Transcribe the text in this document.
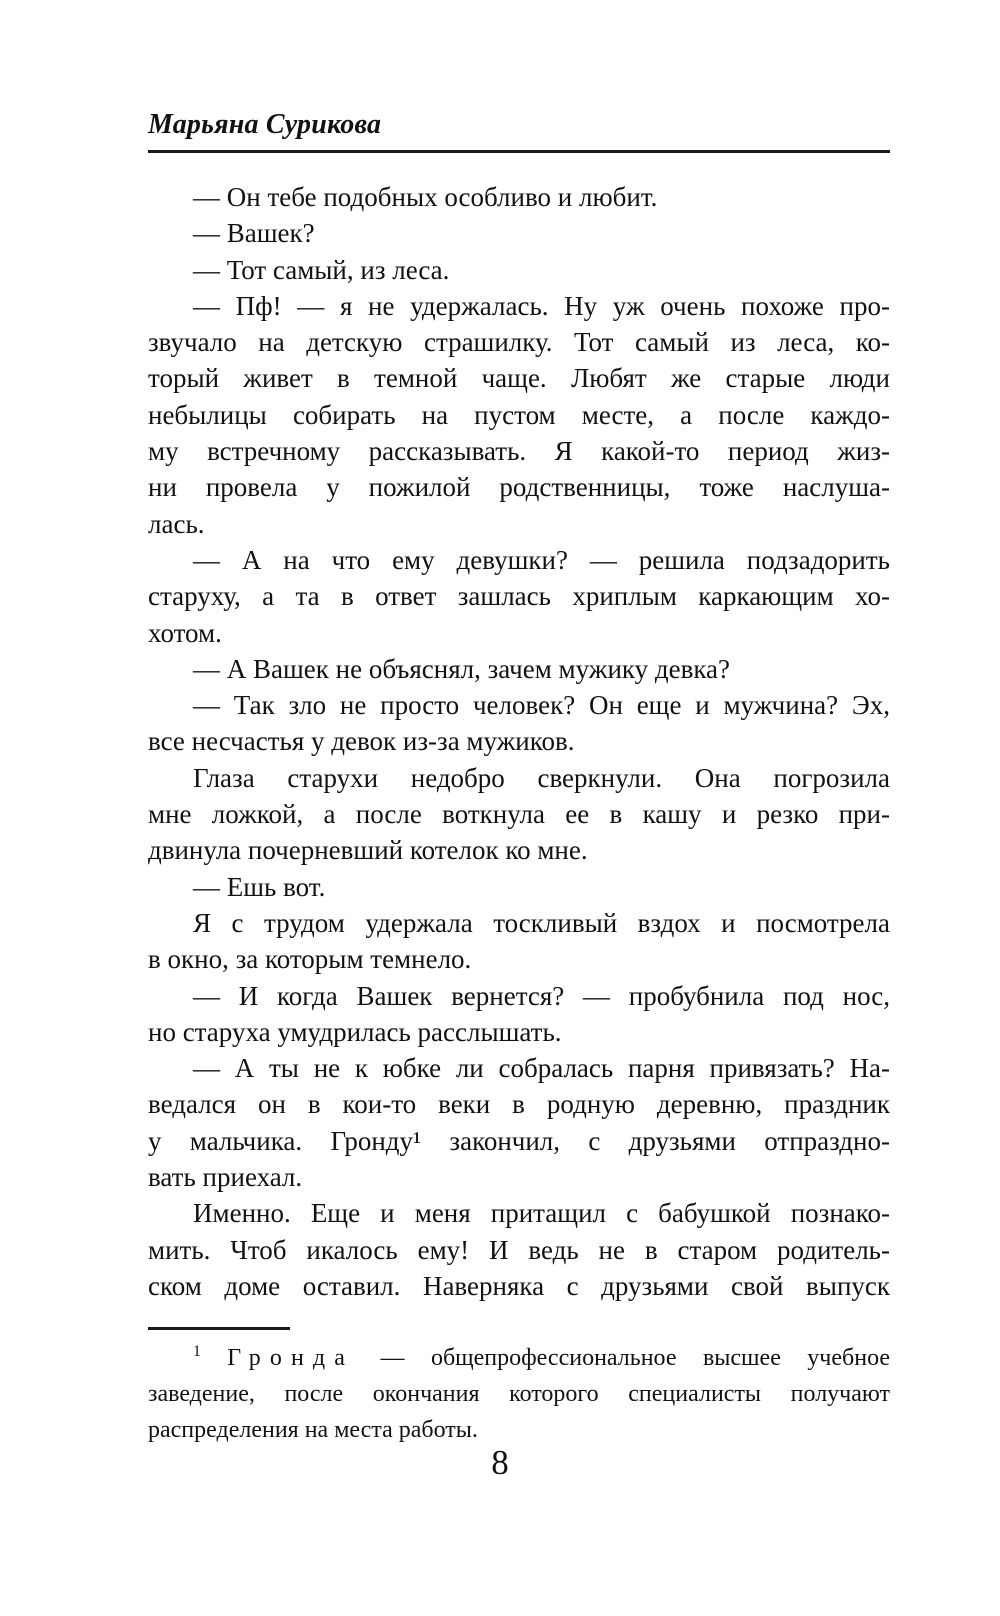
Марьяна Сурикова
— Он тебе подобных особливо и любит.
— Вашек?
— Тот самый, из леса.
— Пф! — я не удержалась. Ну уж очень похоже про-
звучало на детскую страшилку. Тот самый из леса, ко-
торый живет в темной чаще. Любят же старые люди
небылицы собирать на пустом месте, а после каждо-
му встречному рассказывать. Я какой-то период жиз-
ни провела у пожилой родственницы, тоже наслуша-
лась.
— А на что ему девушки? — решила подзадорить
старуху, а та в ответ зашлась хриплым каркающим хо-
хотом.
— А Вашек не объяснял, зачем мужику девка?
— Так зло не просто человек? Он еще и мужчина? Эх,
все несчастья у девок из-за мужиков.
Глаза старухи недобро сверкнули. Она погрозила
мне ложкой, а после воткнула ее в кашу и резко при-
двинула почерневший котелок ко мне.
— Ешь вот.
Я с трудом удержала тоскливый вздох и посмотрела
в окно, за которым темнело.
— И когда Вашек вернется? — пробубнила под нос,
но старуха умудрилась расслышать.
— А ты не к юбке ли собралась парня привязать? На-
ведался он в кои-то веки в родную деревню, праздник
у мальчика. Гронду¹ закончил, с друзьями отпраздно-
вать приехал.
Именно. Еще и меня притащил с бабушкой познако-
мить. Чтоб икалось ему! И ведь не в старом родитель-
ском доме оставил. Наверняка с друзьями свой выпуск
$^1$ Гронда — общепрофессиональное высшее учебное
заведение, после окончания которого специалисты получают
распределения на места работы.
8
